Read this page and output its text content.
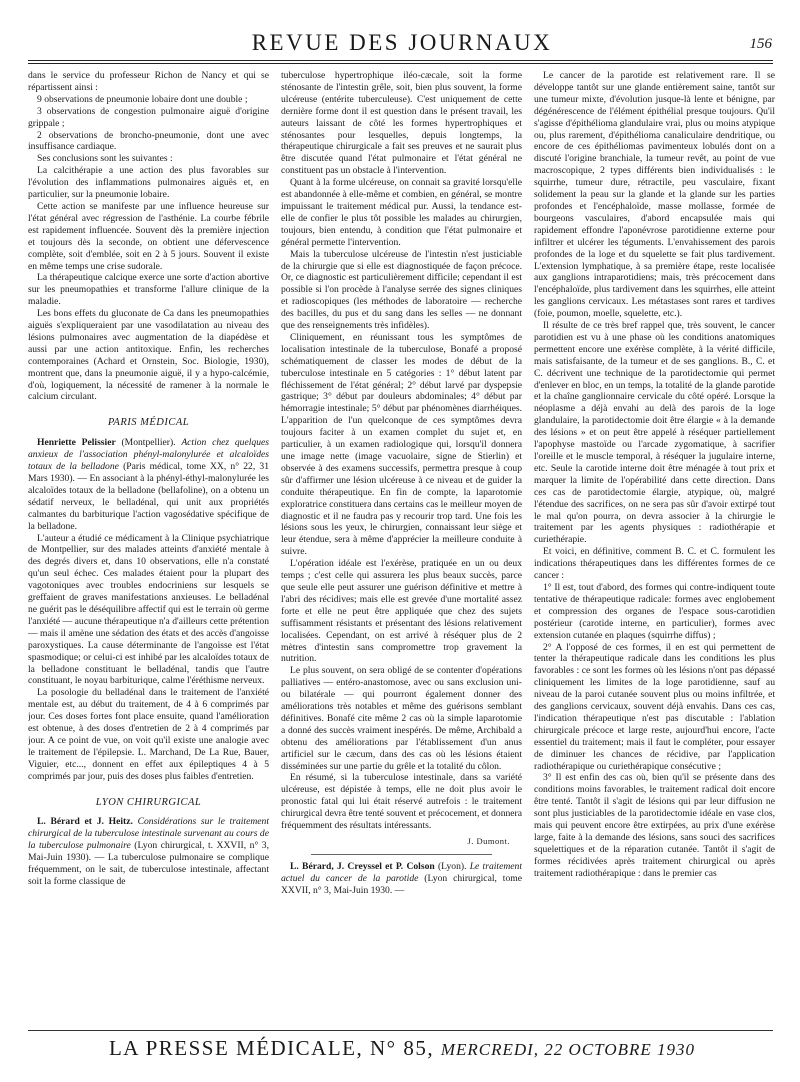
REVUE DES JOURNAUX	156

dans le service du professeur Richon de Nancy et qui se répartissent ainsi :

9 observations de pneumonie lobaire dont une double ;

3 observations de congestion pulmonaire aiguë d'origine grippale ;

2 observations de broncho-pneumonie, dont une avec insuffisance cardiaque.

Ses conclusions sont les suivantes :

La calcithérapie a une action des plus favorables sur l'évolution des inflammations pulmonaires aiguës et, en particulier, sur la pneumonie lobaire.

Cette action se manifeste par une influence heureuse sur l'état général avec régression de l'asthénie. La courbe fébrile est rapidement influencée. Souvent dès la première injection et toujours dès la seconde, on obtient une défervescence complète, soit d'emblée, soit en 2 à 5 jours. Souvent il existe en même temps une crise sudorale.

La thérapeutique calcique exerce une sorte d'action abortive sur les pneumopathies et transforme l'allure clinique de la maladie.

Les bons effets du gluconate de Ca dans les pneumopathies aiguës s'expliqueraient par une vasodilatation au niveau des lésions pulmonaires avec augmentation de la diapédèse et aussi par une action antitoxique. Enfin, les recherches contemporaines (Achard et Ornstein, Soc. Biologie, 1930), montrent que, dans la pneumonie aiguë, il y a hypo-calcémie, d'où, logiquement, la nécessité de ramener à la normale le calcium circulant.

PARIS MÉDICAL

Henriette Pelissier (Montpellier). Action chez quelques anxieux de l'association phényl-malonylurée et alcaloïdes totaux de la belladone (Paris médical, tome XX, n° 22, 31 Mars 1930). — En associant à la phényl-éthyl-malonylurée les alcaloïdes totaux de la belladone (bellafoline), on a obtenu un sédatif nerveux, le belladénal, qui unit aux propriétés calmantes du barbiturique l'action vagosédative spécifique de la belladone.

L'auteur a étudié ce médicament à la Clinique psychiatrique de Montpellier, sur des malades atteints d'anxiété mentale à des degrés divers et, dans 10 observations, elle n'a constaté qu'un seul échec. Ces malades étaient pour la plupart des vagotoniques avec troubles endocriniens sur lesquels se greffaient de graves manifestations anxieuses. Le belladénal ne guérit pas le déséquilibre affectif qui est le terrain où germe l'anxiété — aucune thérapeutique n'a d'ailleurs cette prétention — mais il amène une sédation des états et des accès d'angoisse paroxystiques. La cause déterminante de l'angoisse est l'état spasmodique; or celui-ci est inhibé par les alcaloïdes totaux de la belladone constituant le belladénal, tandis que l'autre constituant, le noyau barbiturique, calme l'éréthisme nerveux.

La posologie du belladénal dans le traitement de l'anxiété mentale est, au début du traitement, de 4 à 6 comprimés par jour. Ces doses fortes font place ensuite, quand l'amélioration est obtenue, à des doses d'entretien de 2 à 4 comprimés par jour. A ce point de vue, on voit qu'il existe une analogie avec le traitement de l'épilepsie. L. Marchand, De La Rue, Bauer, Viguier, etc..., donnent en effet aux épileptiques 4 à 5 comprimés par jour, puis des doses plus faibles d'entretien.

LYON CHIRURGICAL

L. Bérard et J. Heitz. Considérations sur le traitement chirurgical de la tuberculose intestinale survenant au cours de la tuberculose pulmonaire (Lyon chirurgical, t. XXVII, n° 3, Mai-Juin 1930). — La tuberculose pulmonaire se complique fréquemment, on le sait, de tuberculose intestinale, affectant soit la forme classique de

tuberculose hypertrophique iléo-cæcale, soit la forme sténosante de l'intestin grêle, soit, bien plus souvent, la forme ulcéreuse (entérite tuberculeuse). C'est uniquement de cette dernière forme dont il est question dans le présent travail, les auteurs laissant de côté les formes hypertrophiques et sténosantes pour lesquelles, depuis longtemps, la thérapeutique chirurgicale a fait ses preuves et ne saurait plus être discutée quand l'état pulmonaire et l'état général ne constituent pas un obstacle à l'intervention.

Quant à la forme ulcéreuse, on connait sa gravité lorsqu'elle est abandonnée à elle-même et combien, en général, se montre impuissant le traitement médical pur. Aussi, la tendance est-elle de confier le plus tôt possible les malades au chirurgien, toujours, bien entendu, à condition que l'état pulmonaire et général permette l'intervention.

Mais la tuberculose ulcéreuse de l'intestin n'est justiciable de la chirurgie que si elle est diagnostiquée de façon précoce. Or, ce diagnostic est particulièrement difficile; cependant il est possible si l'on procède à l'analyse serrée des signes cliniques et radioscopiques (les méthodes de laboratoire — recherche des bacilles, du pus et du sang dans les selles — ne donnant que des renseignements très infidèles).

Cliniquement, en réunissant tous les symptômes de localisation intestinale de la tuberculose, Bonafé a proposé schématiquement de classer les modes de début de la tuberculose intestinale en 5 catégories : 1° début latent par fléchissement de l'état général; 2° début larvé par dyspepsie gastrique; 3° début par douleurs abdominales; 4° début par hémorragie intestinale; 5° début par phénomènes diarrhéiques. L'apparition de l'un quelconque de ces symptômes devra toujours faciter à un examen complet du sujet et, en particulier, à un examen radiologique qui, lorsqu'il donnera une image nette (image vacuolaire, signe de Stierlin) et observée à des examens successifs, permettra presque à coup sûr d'affirmer une lésion ulcéreuse à ce niveau et de guider la conduite thérapeutique. En fin de compte, la laparotomie exploratrice constituera dans certains cas le meilleur moyen de diagnostic et il ne faudra pas y recourir trop tard. Une fois les lésions sous les yeux, le chirurgien, connaissant leur siège et leur étendue, sera à même d'apprécier la meilleure conduite à suivre.

L'opération idéale est l'exérèse, pratiquée en un ou deux temps ; c'est celle qui assurera les plus beaux succès, parce que seule elle peut assurer une guérison définitive et mettre à l'abri des récidives; mais elle est grevée d'une mortalité assez forte et elle ne peut être appliquée que chez des sujets suffisamment résistants et présentant des lésions relativement localisées. Cependant, on est arrivé à réséquer plus de 2 mètres d'intestin sans compromettre trop gravement la nutrition.

Le plus souvent, on sera obligé de se contenter d'opérations palliatives — entéro-anastomose, avec ou sans exclusion uni- ou bilatérale — qui pourront également donner des améliorations très notables et même des guérisons semblant définitives. Bonafé cite même 2 cas où la simple laparotomie a donné des succès vraiment inespérés. De même, Archibald a obtenu des améliorations par l'établissement d'un anus artificiel sur le cæcum, dans des cas où les lésions étaient disséminées sur une partie du grêle et la totalité du côlon.

En résumé, si la tuberculose intestinale, dans sa variété ulcéreuse, est dépistée à temps, elle ne doit plus avoir le pronostic fatal qui lui était réservé autrefois : le traitement chirurgical devra être tenté souvent et précocement, et donnera fréquemment des résultats intéressants.

J. Dumont.

L. Bérard, J. Creyssel et P. Colson (Lyon). Le traitement actuel du cancer de la parotide (Lyon chirurgical, tome XXVII, n° 3, Mai-Juin 1930. —

Le cancer de la parotide est relativement rare. Il se développe tantôt sur une glande entièrement saine, tantôt sur une tumeur mixte, d'évolution jusque-là lente et bénigne, par dégénérescence de l'élément épithélial presque toujours. Qu'il s'agisse d'épithélioma glandulaire vrai, plus ou moins atypique ou, plus rarement, d'épithélioma canaliculaire dendritique, ou encore de ces épithéliomas pavimenteux lobulés dont on a discuté l'origine branchiale, la tumeur revêt, au point de vue macroscopique, 2 types différents bien individualisés : le squirrhe, tumeur dure, rétractile, peu vasculaire, fixant solidement la peau sur la glande et la glande sur les parties profondes et l'encéphaloïde, masse mollasse, formée de bourgeons vasculaires, d'abord encapsulée mais qui rapidement effondre l'aponévrose parotidienne externe pour infiltrer et ulcérer les téguments. L'envahissement des parois profondes de la loge et du squelette se fait plus tardivement. L'extension lymphatique, à sa première étape, reste localisée aux ganglions intraparotidiens; mais, très précocement dans l'encéphaloïde, plus tardivement dans les squirrhes, elle atteint les ganglions cervicaux. Les métastases sont rares et tardives (foie, poumon, moelle, squelette, etc.).

Il résulte de ce très bref rappel que, très souvent, le cancer parotidien est vu à une phase où les conditions anatomiques permettent encore une exérèse complète, à la vérité difficile, mais satisfaisante, de la tumeur et de ses ganglions. B., C. et C. décrivent une technique de la parotidectomie qui permet d'enlever en bloc, en un temps, la totalité de la glande parotide et la chaîne ganglionnaire cervicale du côté opéré. Lorsque la néoplasme a déjà envahi au delà des parois de la loge glandulaire, la parotidectomie doit être élargie « à la demande des lésions » et on peut être appelé à réséquer partiellement l'apophyse mastoïde ou l'arcade zygomatique, à sacrifier l'oreille et le muscle temporal, à réséquer la jugulaire interne, etc. Seule la carotide interne doit être ménagée à tout prix et marquer la limite de l'opérabilité dans cette direction. Dans ces cas de parotidectomie élargie, atypique, où, malgré l'étendue des sacrifices, on ne sera pas sûr d'avoir extirpé tout le mal qu'on pourra, on devra associer à la chirurgie le traitement par les agents physiques : radiothérapie et curiethérapie.

Et voici, en définitive, comment B. C. et C. formulent les indications thérapeutiques dans les différentes formes de ce cancer :

1° Il est, tout d'abord, des formes qui contre-indiquent toute tentative de thérapeutique radicale: formes avec englobement et compression des organes de l'espace sous-carotidien postérieur (carotide interne, en particulier), formes avec extension cutanée en plaques (squirrhe diffus) ;

2° A l'opposé de ces formes, il en est qui permettent de tenter la thérapeutique radicale dans les conditions les plus favorables : ce sont les formes où les lésions n'ont pas dépassé cliniquement les limites de la loge parotidienne, sauf au niveau de la paroi cutanée souvent plus ou moins infiltrée, et des ganglions cervicaux, souvent déjà envahis. Dans ces cas, l'indication thérapeutique n'est pas discutable : l'ablation chirurgicale précoce et large reste, aujourd'hui encore, l'acte essentiel du traitement; mais il faut le compléter, pour essayer de diminuer les chances de récidive, par l'application radiothérapique ou curiethérapique consécutive ;

3° Il est enfin des cas où, bien qu'il se présente dans des conditions moins favorables, le traitement radical doit encore être tenté. Tantôt il s'agit de lésions qui par leur diffusion ne sont plus justiciables de la parotidectomie idéale en vase clos, mais qui peuvent encore être extirpées, au prix d'une exérèse large, faite à la demande des lésions, sans souci des sacrifices squelettiques et de la réparation cutanée. Tantôt il s'agit de formes récidivées après traitement chirurgical ou après traitement radiothérapique : dans le premier cas

LA PRESSE MÉDICALE, N° 85, MERCREDI, 22 OCTOBRE 1930
